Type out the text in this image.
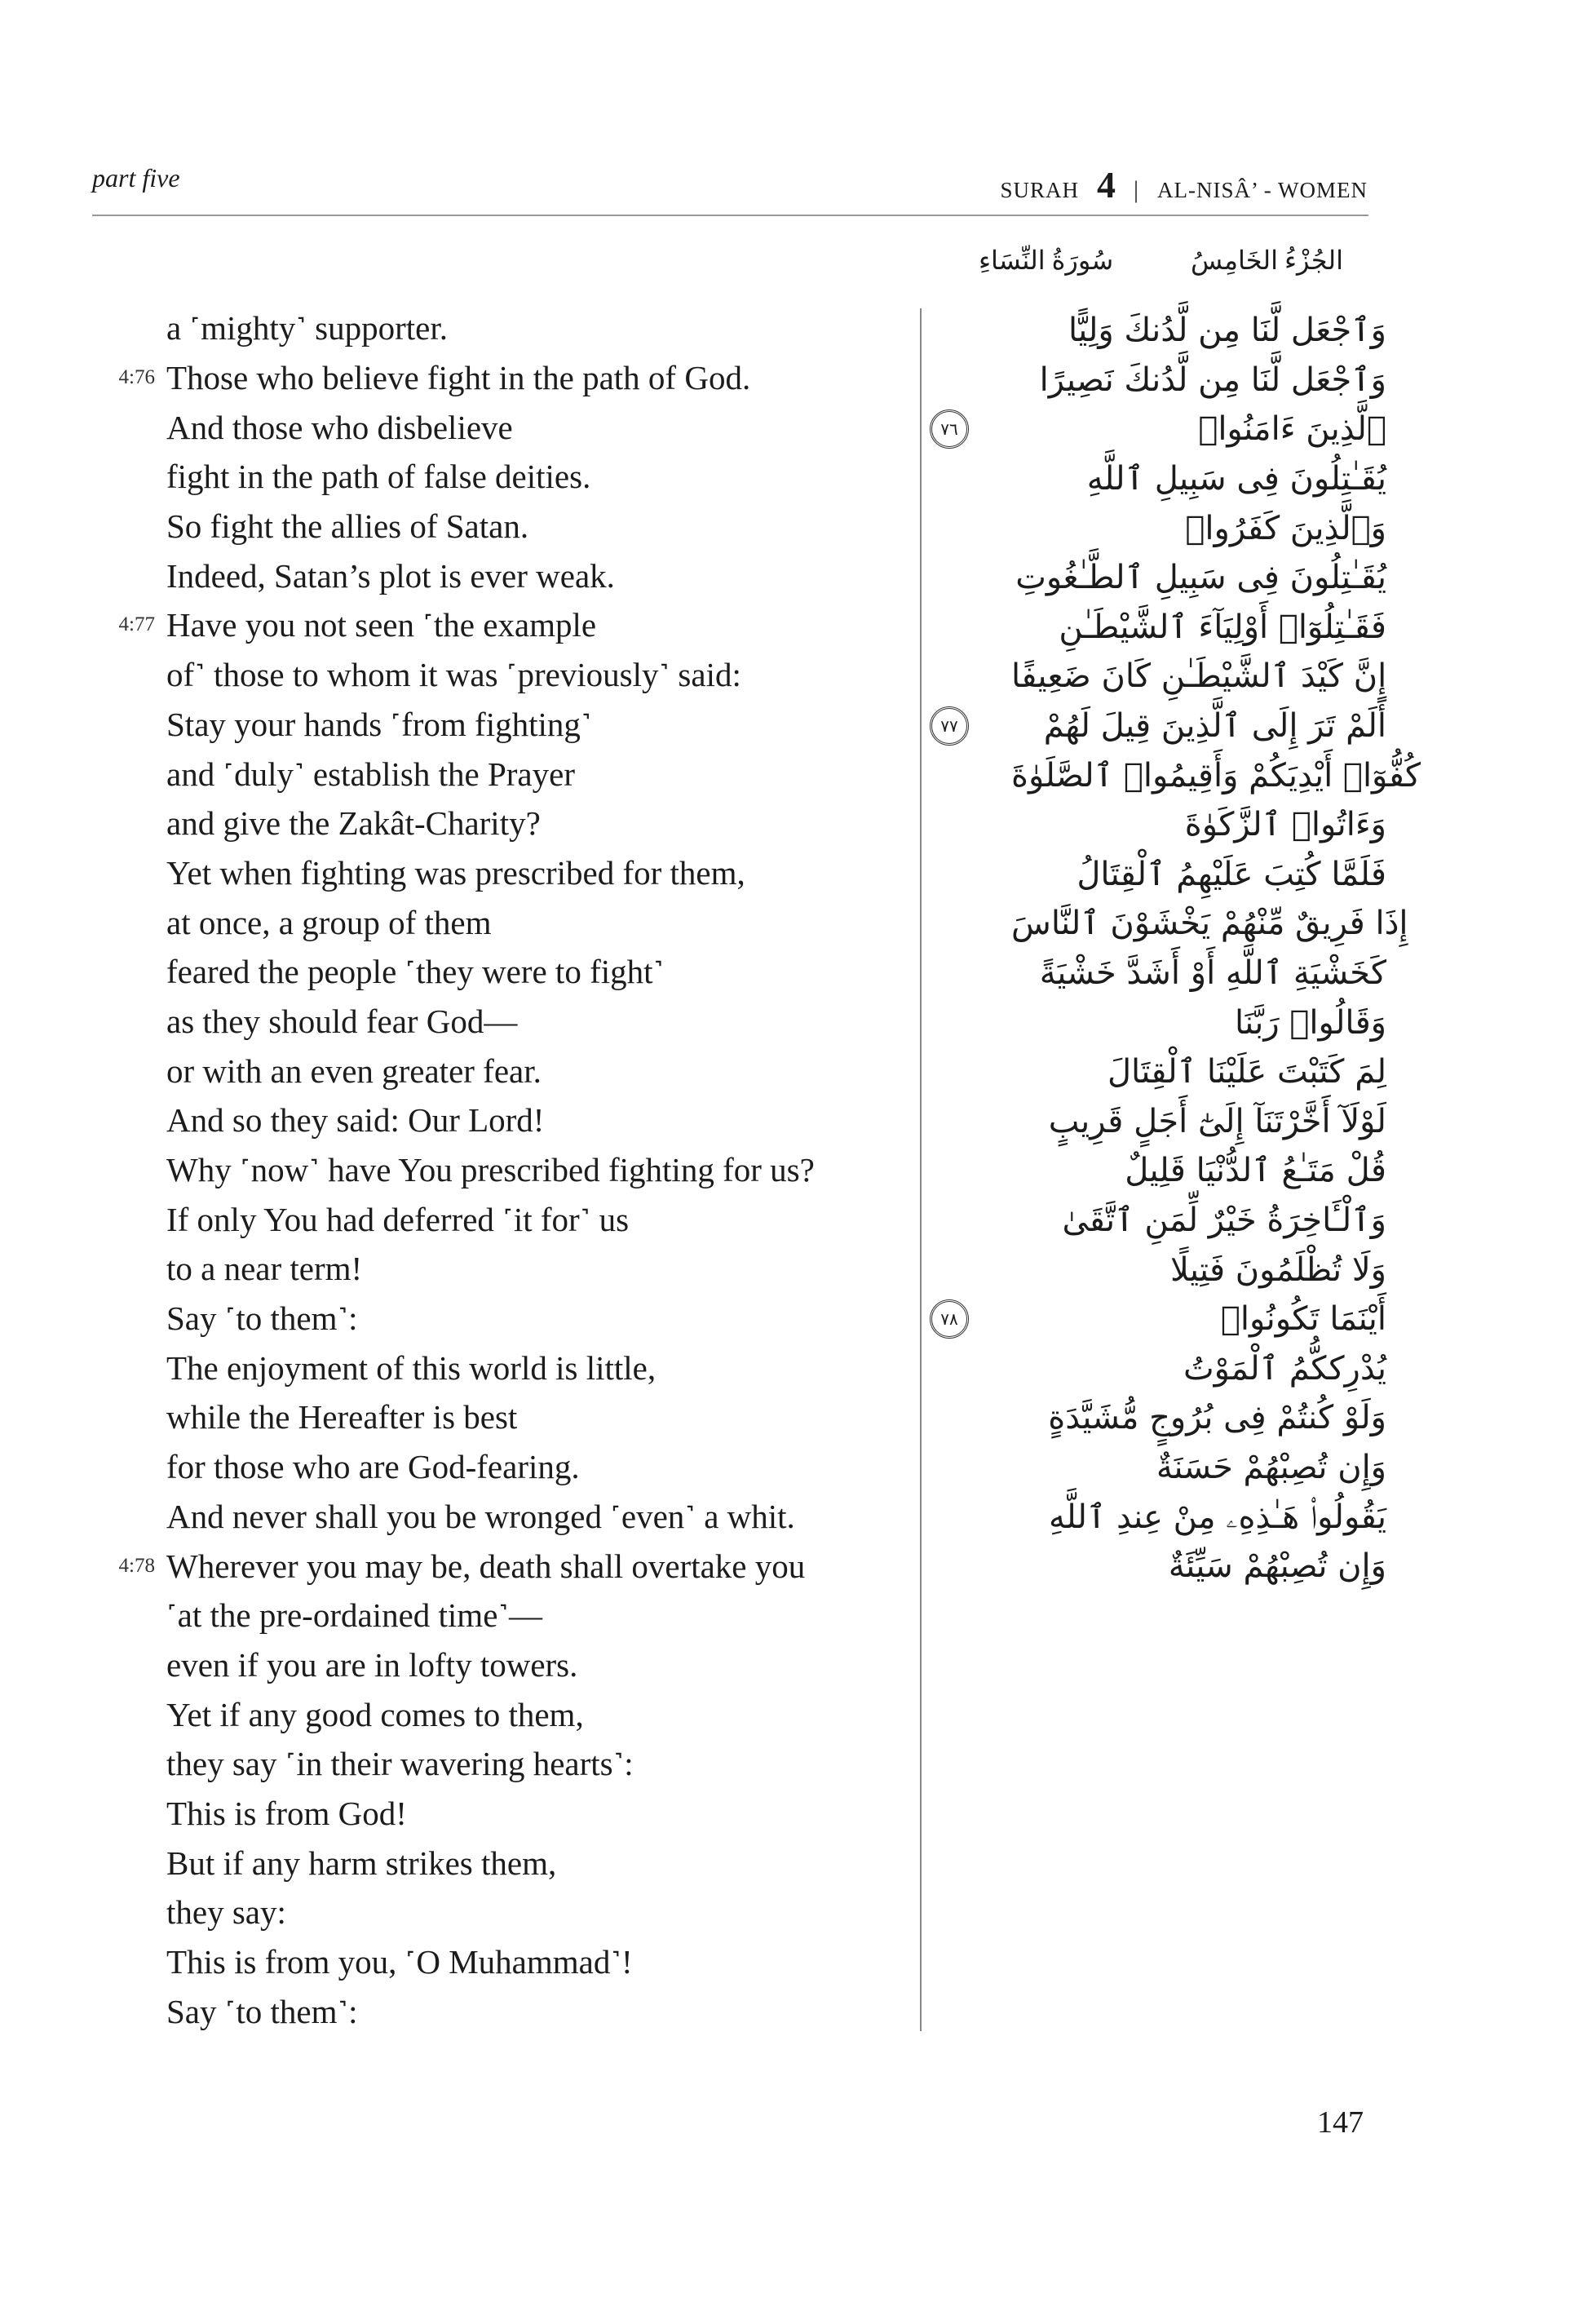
part five	SURAH 4 | AL-NISÂ’ - WOMEN
سُورَةُ النِّسَاءِ	الجُزْءُ الخَامِسُ
a ˹mighty˺ supporter.
4:76 Those who believe fight in the path of God.
And those who disbelieve
fight in the path of false deities.
So fight the allies of Satan.
Indeed, Satan’s plot is ever weak.
4:77 Have you not seen ˹the example
of˺ those to whom it was ˹previously˺ said:
Stay your hands ˹from fighting˺
and ˹duly˺ establish the Prayer
and give the Zakât-Charity?
Yet when fighting was prescribed for them,
at once, a group of them
feared the people ˹they were to fight˺
as they should fear God—
or with an even greater fear.
And so they said: Our Lord!
Why ˹now˺ have You prescribed fighting for us?
If only You had deferred ˹it for˺ us
to a near term!
Say ˹to them˺:
The enjoyment of this world is little,
while the Hereafter is best
for those who are God-fearing.
And never shall you be wronged ˹even˺ a whit.
4:78 Wherever you may be, death shall overtake you
˹at the pre-ordained time˺—
even if you are in lofty towers.
Yet if any good comes to them,
they say ˹in their wavering hearts˺:
This is from God!
But if any harm strikes them,
they say:
This is from you, ˹O Muhammad˺!
Say ˹to them˺:
وَٱجْعَل لَّنَا مِن لَّدُنكَ وَلِيًّا
وَٱجْعَل لَّنَا مِن لَّدُنكَ نَصِيرًا
٧٦	ٱلَّذِينَ ءَامَنُوا۟
يُقَـٰتِلُونَ فِى سَبِيلِ ٱللَّهِ
وَٱلَّذِينَ كَفَرُوا۟
يُقَـٰتِلُونَ فِى سَبِيلِ ٱلطَّـٰغُوتِ
فَقَـٰتِلُوٓا۟ أَوْلِيَآءَ ٱلشَّيْطَـٰنِ
إِنَّ كَيْدَ ٱلشَّيْطَـٰنِ كَانَ ضَعِيفًا
٧٧	أَلَمْ تَرَ إِلَى ٱلَّذِينَ قِيلَ لَهُمْ
كُفُّوٓا۟ أَيْدِيَكُمْ وَأَقِيمُوا۟ ٱلصَّلَوٰةَ
وَءَاتُوا۟ ٱلزَّكَوٰةَ
فَلَمَّا كُتِبَ عَلَيْهِمُ ٱلْقِتَالُ
إِذَا فَرِيقٌ مِّنْهُمْ يَخْشَوْنَ ٱلنَّاسَ
كَخَشْيَةِ ٱللَّهِ أَوْ أَشَدَّ خَشْيَةً
وَقَالُوا۟ رَبَّنَا
لِمَ كَتَبْتَ عَلَيْنَا ٱلْقِتَالَ
لَوْلَآ أَخَّرْتَنَآ إِلَىٰٓ أَجَلٍ قَرِيبٍ
قُلْ مَتَـٰعُ ٱلدُّنْيَا قَلِيلٌ
وَٱلْـَٔاخِرَةُ خَيْرٌ لِّمَنِ ٱتَّقَىٰ
وَلَا تُظْلَمُونَ فَتِيلًا
٧٨	أَيْنَمَا تَكُونُوا۟
يُدْرِككُّمُ ٱلْمَوْتُ
وَلَوْ كُنتُمْ فِى بُرُوجٍ مُّشَيَّدَةٍ
وَإِن تُصِبْهُمْ حَسَنَةٌ
يَقُولُوا۟ هَـٰذِهِۦ مِنْ عِندِ ٱللَّهِ
وَإِن تُصِبْهُمْ سَيِّئَةٌ
147
